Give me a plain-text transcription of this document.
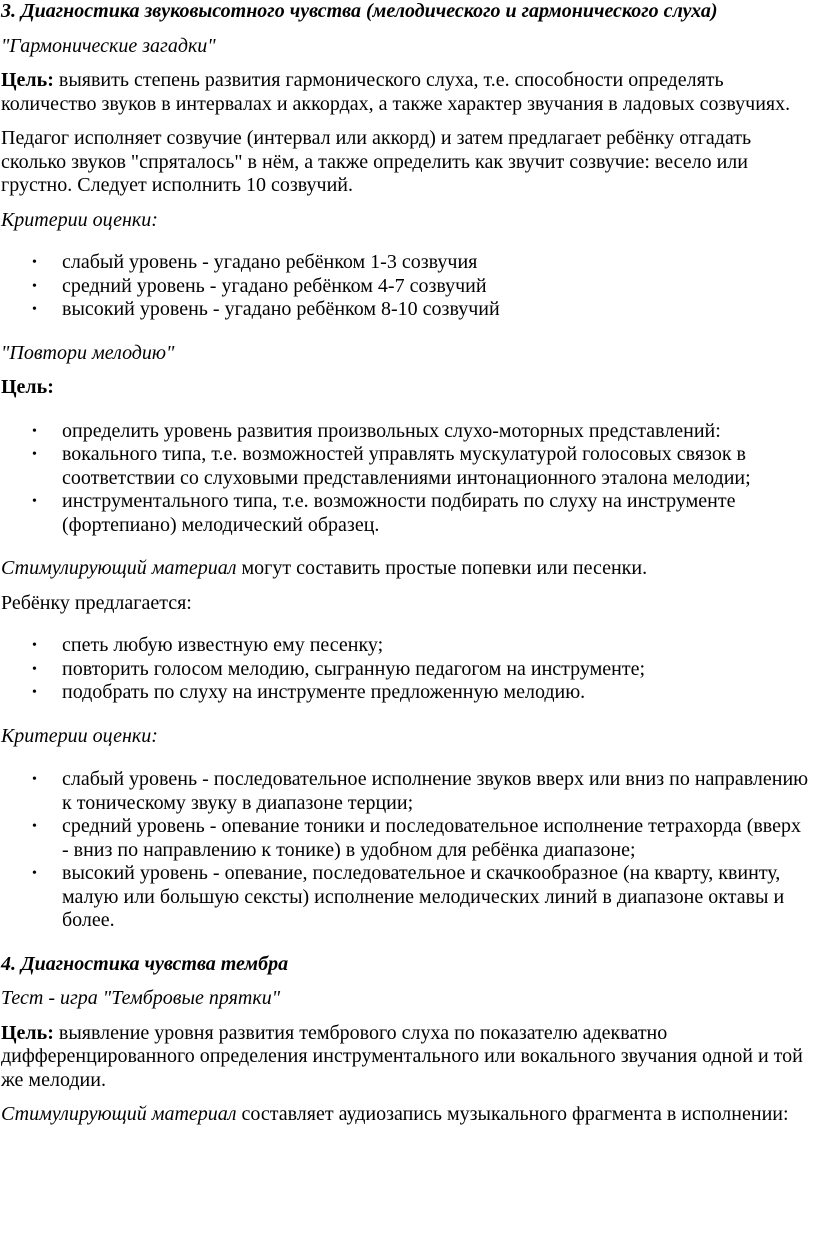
3. Диагностика звуковысотного чувства (мелодического и гармонического слуха)

"Гармонические загадки"

Цель: выявить степень развития гармонического слуха, т.е. способности определять количество звуков в интервалах и аккордах, а также характер звучания в ладовых созвучиях.

Педагог исполняет созвучие (интервал или аккорд) и затем предлагает ребёнку отгадать сколько звуков "спряталось" в нём, а также определить как звучит созвучие: весело или грустно. Следует исполнить 10 созвучий.

Критерии оценки:

• слабый уровень - угадано ребёнком 1-3 созвучия
• средний уровень - угадано ребёнком 4-7 созвучий
• высокий уровень - угадано ребёнком 8-10 созвучий

"Повтори мелодию"

Цель:

• определить уровень развития произвольных слухо-моторных представлений:
• вокального типа, т.е. возможностей управлять мускулатурой голосовых связок в соответствии со слуховыми представлениями интонационного эталона мелодии;
• инструментального типа, т.е. возможности подбирать по слуху на инструменте (фортепиано) мелодический образец.

Стимулирующий материал могут составить простые попевки или песенки.

Ребёнку предлагается:

• спеть любую известную ему песенку;
• повторить голосом мелодию, сыгранную педагогом на инструменте;
• подобрать по слуху на инструменте предложенную мелодию.

Критерии оценки:

• слабый уровень - последовательное исполнение звуков вверх или вниз по направлению к тоническому звуку в диапазоне терции;
• средний уровень - опевание тоники и последовательное исполнение тетрахорда (вверх - вниз по направлению к тонике) в удобном для ребёнка диапазоне;
• высокий уровень - опевание, последовательное и скачкообразное (на кварту, квинту, малую или большую сексты) исполнение мелодических линий в диапазоне октавы и более.

4. Диагностика чувства тембра

Тест - игра "Тембровые прятки"

Цель: выявление уровня развития тембрового слуха по показателю адекватно дифференцированного определения инструментального или вокального звучания одной и той же мелодии.

Стимулирующий материал составляет аудиозапись музыкального фрагмента в исполнении:
